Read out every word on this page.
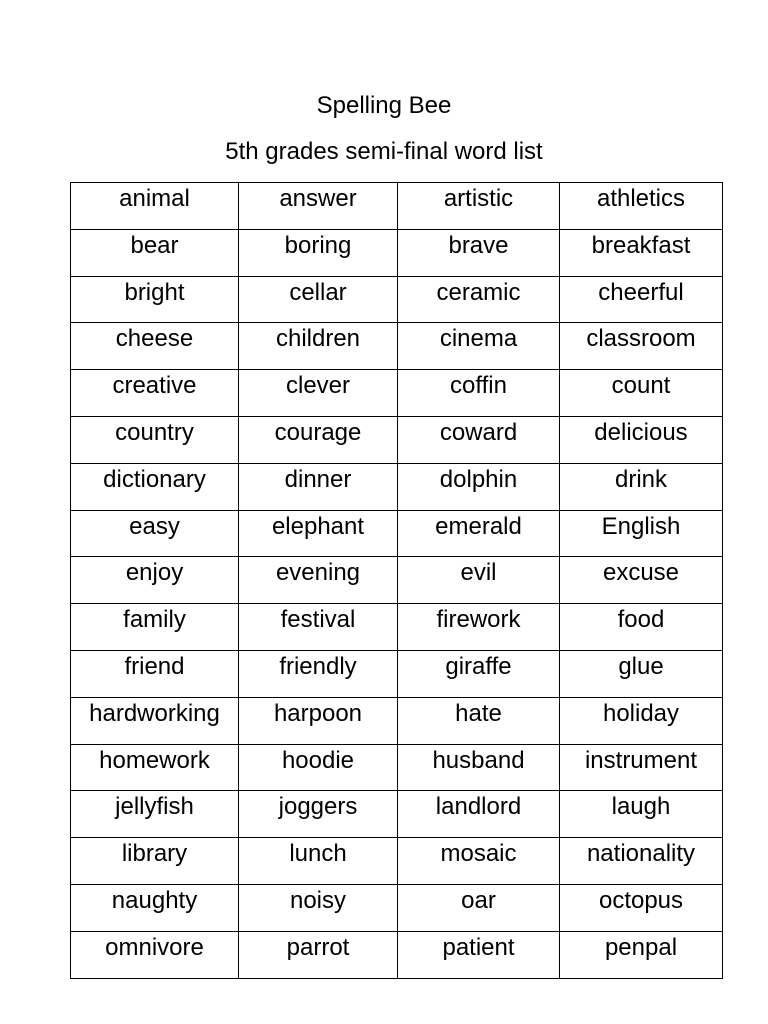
Spelling Bee
5th grades semi-final word list
animal	answer	artistic	athletics
bear	boring	brave	breakfast
bright	cellar	ceramic	cheerful
cheese	children	cinema	classroom
creative	clever	coffin	count
country	courage	coward	delicious
dictionary	dinner	dolphin	drink
easy	elephant	emerald	English
enjoy	evening	evil	excuse
family	festival	firework	food
friend	friendly	giraffe	glue
hardworking	harpoon	hate	holiday
homework	hoodie	husband	instrument
jellyfish	joggers	landlord	laugh
library	lunch	mosaic	nationality
naughty	noisy	oar	octopus
omnivore	parrot	patient	penpal
